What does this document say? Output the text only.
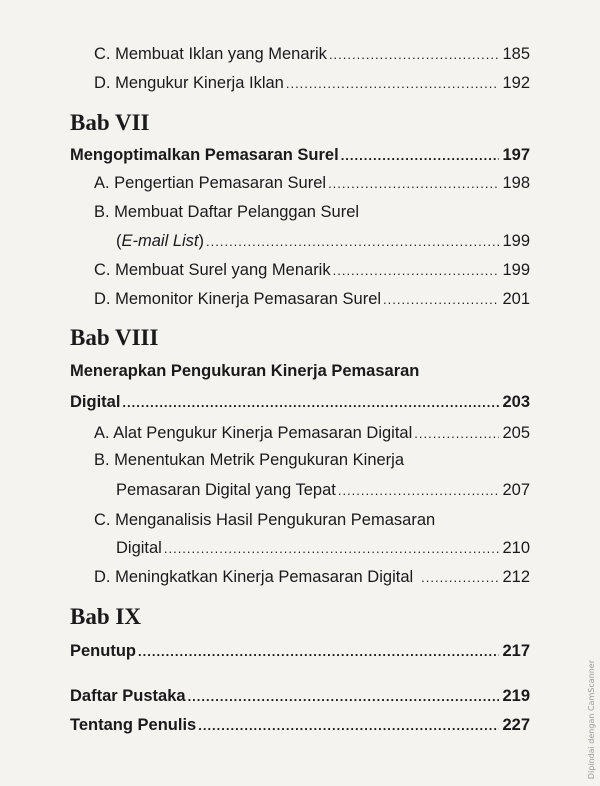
C. Membuat Iklan yang Menarik .....	185
D. Mengukur Kinerja Iklan .....	192
Bab VII
Mengoptimalkan Pemasaran Surel .....	197
A. Pengertian Pemasaran Surel .....	198
B. Membuat Daftar Pelanggan Surel
(E-mail List) .....	199
C. Membuat Surel yang Menarik .....	199
D. Memonitor Kinerja Pemasaran Surel .....	201
Bab VIII
Menerapkan Pengukuran Kinerja Pemasaran
Digital .....	203
A. Alat Pengukur Kinerja Pemasaran Digital .....	205
B. Menentukan Metrik Pengukuran Kinerja
Pemasaran Digital yang Tepat .....	207
C. Menganalisis Hasil Pengukuran Pemasaran
Digital .....	210
D. Meningkatkan Kinerja Pemasaran Digital .....	212
Bab IX
Penutup .....	217
Daftar Pustaka .....	219
Tentang Penulis .....	227	Dipindai dengan CamScanner
